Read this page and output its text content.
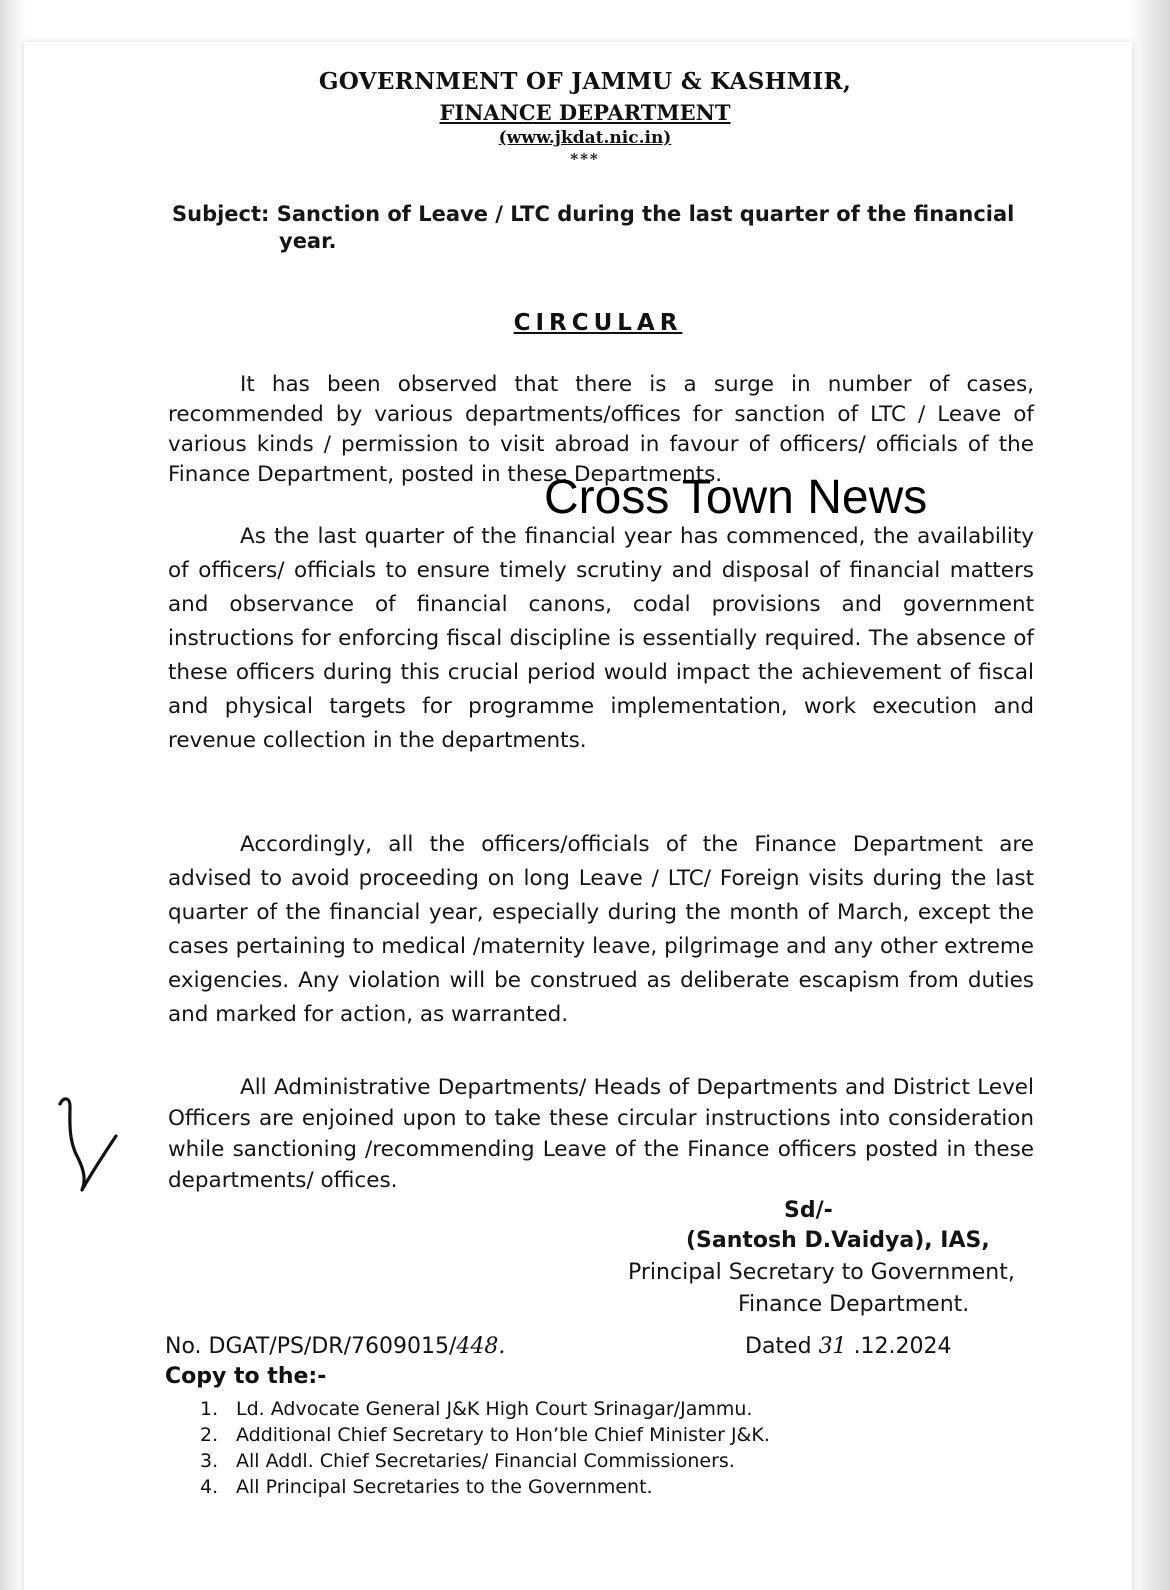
GOVERNMENT OF JAMMU & KASHMIR,
FINANCE DEPARTMENT
(www.jkdat.nic.in)
***
Subject: Sanction of Leave / LTC during the last quarter of the financial
year.
CIRCULAR
It has been observed that there is a surge in number of cases, recommended by various departments/offices for sanction of LTC / Leave of various kinds / permission to visit abroad in favour of officers/ officials of the Finance Department, posted in these Departments.
Cross Town News
As the last quarter of the financial year has commenced, the availability of officers/ officials to ensure timely scrutiny and disposal of financial matters and observance of financial canons, codal provisions and government instructions for enforcing fiscal discipline is essentially required. The absence of these officers during this crucial period would impact the achievement of fiscal and physical targets for programme implementation, work execution and revenue collection in the departments.
Accordingly, all the officers/officials of the Finance Department are advised to avoid proceeding on long Leave / LTC/ Foreign visits during the last quarter of the financial year, especially during the month of March, except the cases pertaining to medical /maternity leave, pilgrimage and any other extreme exigencies. Any violation will be construed as deliberate escapism from duties and marked for action, as warranted.
All Administrative Departments/ Heads of Departments and District Level Officers are enjoined upon to take these circular instructions into consideration while sanctioning /recommending Leave of the Finance officers posted in these departments/ offices.
Sd/-
(Santosh D.Vaidya), IAS,
Principal Secretary to Government,
Finance Department.
No. DGAT/PS/DR/7609015/448.	Dated 31 .12.2024
Copy to the:-
1. Ld. Advocate General J&K High Court Srinagar/Jammu.
2. Additional Chief Secretary to Hon’ble Chief Minister J&K.
3. All Addl. Chief Secretaries/ Financial Commissioners.
4. All Principal Secretaries to the Government.
